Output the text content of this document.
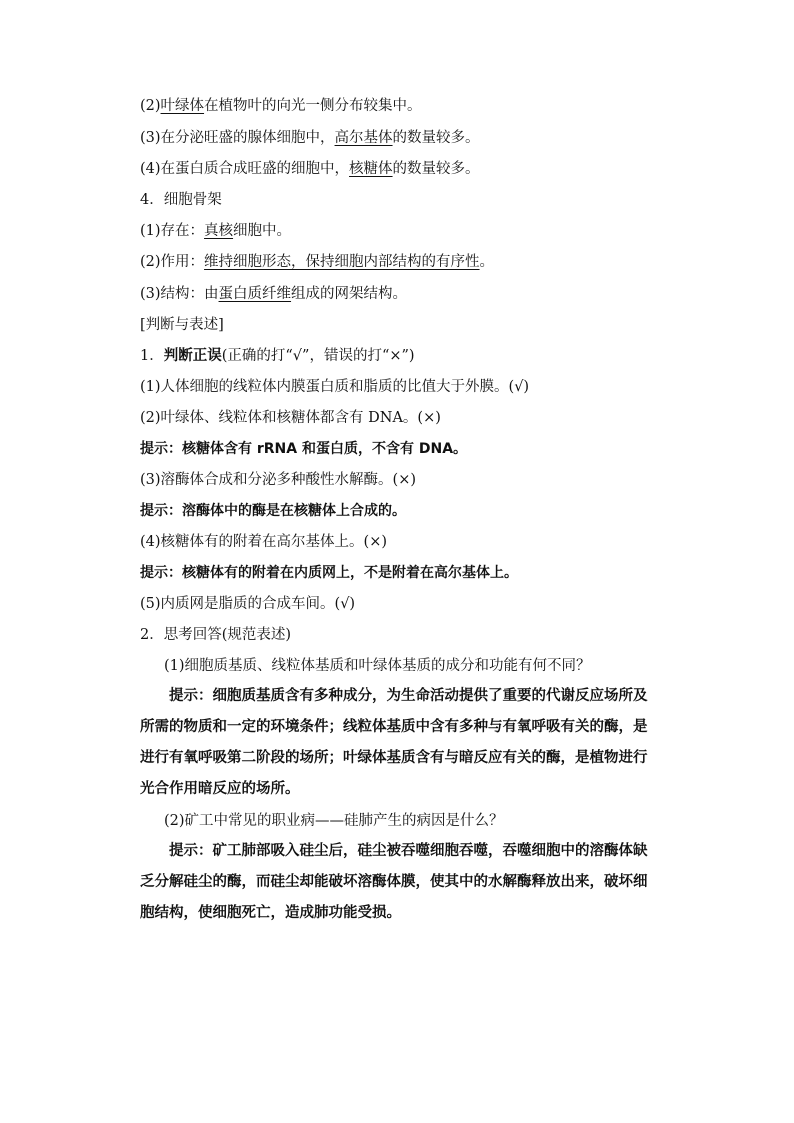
(2)叶绿体在植物叶的向光一侧分布较集中。
(3)在分泌旺盛的腺体细胞中，高尔基体的数量较多。
(4)在蛋白质合成旺盛的细胞中，核糖体的数量较多。
4．细胞骨架
(1)存在：真核细胞中。
(2)作用：维持细胞形态，保持细胞内部结构的有序性。
(3)结构：由蛋白质纤维组成的网架结构。
[判断与表述]
1．判断正误(正确的打“√”，错误的打“×”)
(1)人体细胞的线粒体内膜蛋白质和脂质的比值大于外膜。(√)
(2)叶绿体、线粒体和核糖体都含有 DNA。(×)
提示：核糖体含有 rRNA 和蛋白质，不含有 DNA。
(3)溶酶体合成和分泌多种酸性水解酶。(×)
提示：溶酶体中的酶是在核糖体上合成的。
(4)核糖体有的附着在高尔基体上。(×)
提示：核糖体有的附着在内质网上，不是附着在高尔基体上。
(5)内质网是脂质的合成车间。(√)
2．思考回答(规范表述)
(1)细胞质基质、线粒体基质和叶绿体基质的成分和功能有何不同？
提示：细胞质基质含有多种成分，为生命活动提供了重要的代谢反应场所及所需的物质和一定的环境条件；线粒体基质中含有多种与有氧呼吸有关的酶，是进行有氧呼吸第二阶段的场所；叶绿体基质含有与暗反应有关的酶，是植物进行光合作用暗反应的场所。
(2)矿工中常见的职业病——硅肺产生的病因是什么？
提示：矿工肺部吸入硅尘后，硅尘被吞噬细胞吞噬，吞噬细胞中的溶酶体缺乏分解硅尘的酶，而硅尘却能破坏溶酶体膜，使其中的水解酶释放出来，破坏细胞结构，使细胞死亡，造成肺功能受损。
